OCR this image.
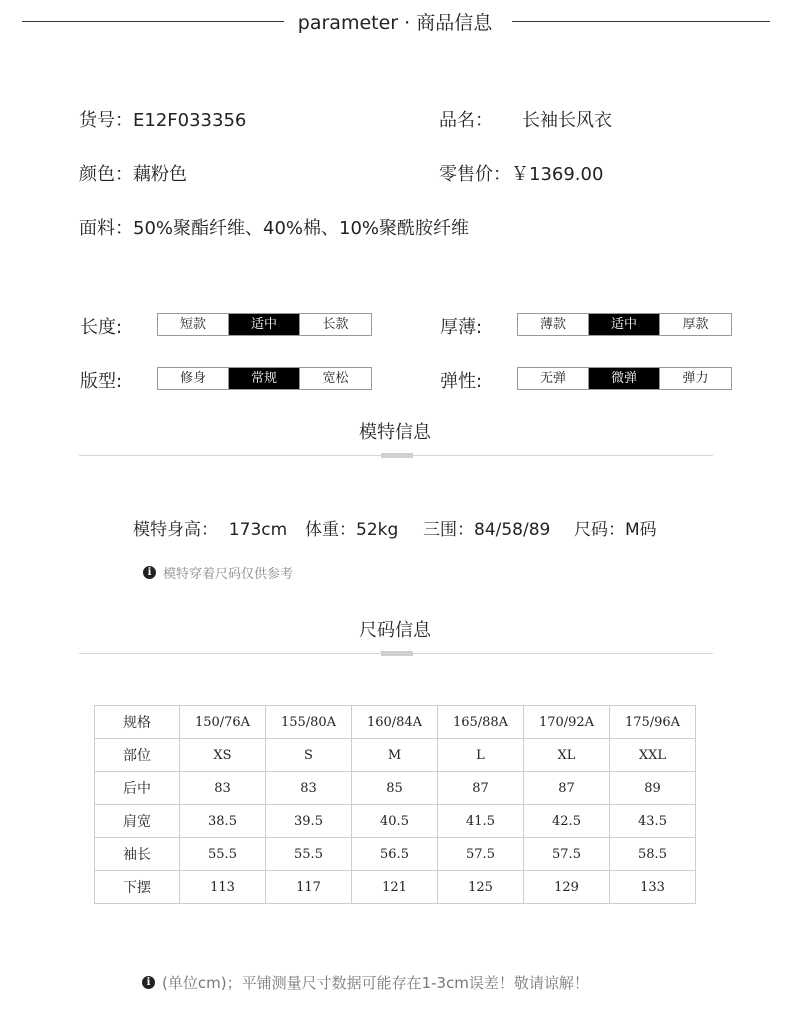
parameter · 商品信息
货号：E12F033356	品名： 长袖长风衣
颜色：藕粉色	零售价：￥1369.00
面料：50%聚酯纤维、40%棉、10%聚酰胺纤维
长度:	短款	适中	长款	厚薄:	薄款	适中	厚款
版型:	修身	常规	宽松	弹性:	无弹	微弹	弹力
模特信息
模特身高：  173cm 体重：52kg 三围：84/58/89 尺码：M码
i 模特穿着尺码仅供参考
尺码信息
规格	150/76A	155/80A	160/84A	165/88A	170/92A	175/96A
部位	XS	S	M	L	XL	XXL
后中	83	83	85	87	87	89
肩宽	38.5	39.5	40.5	41.5	42.5	43.5
袖长	55.5	55.5	56.5	57.5	57.5	58.5
下摆	113	117	121	125	129	133
i (单位cm)；平铺测量尺寸数据可能存在1-3cm误差！敬请谅解！
